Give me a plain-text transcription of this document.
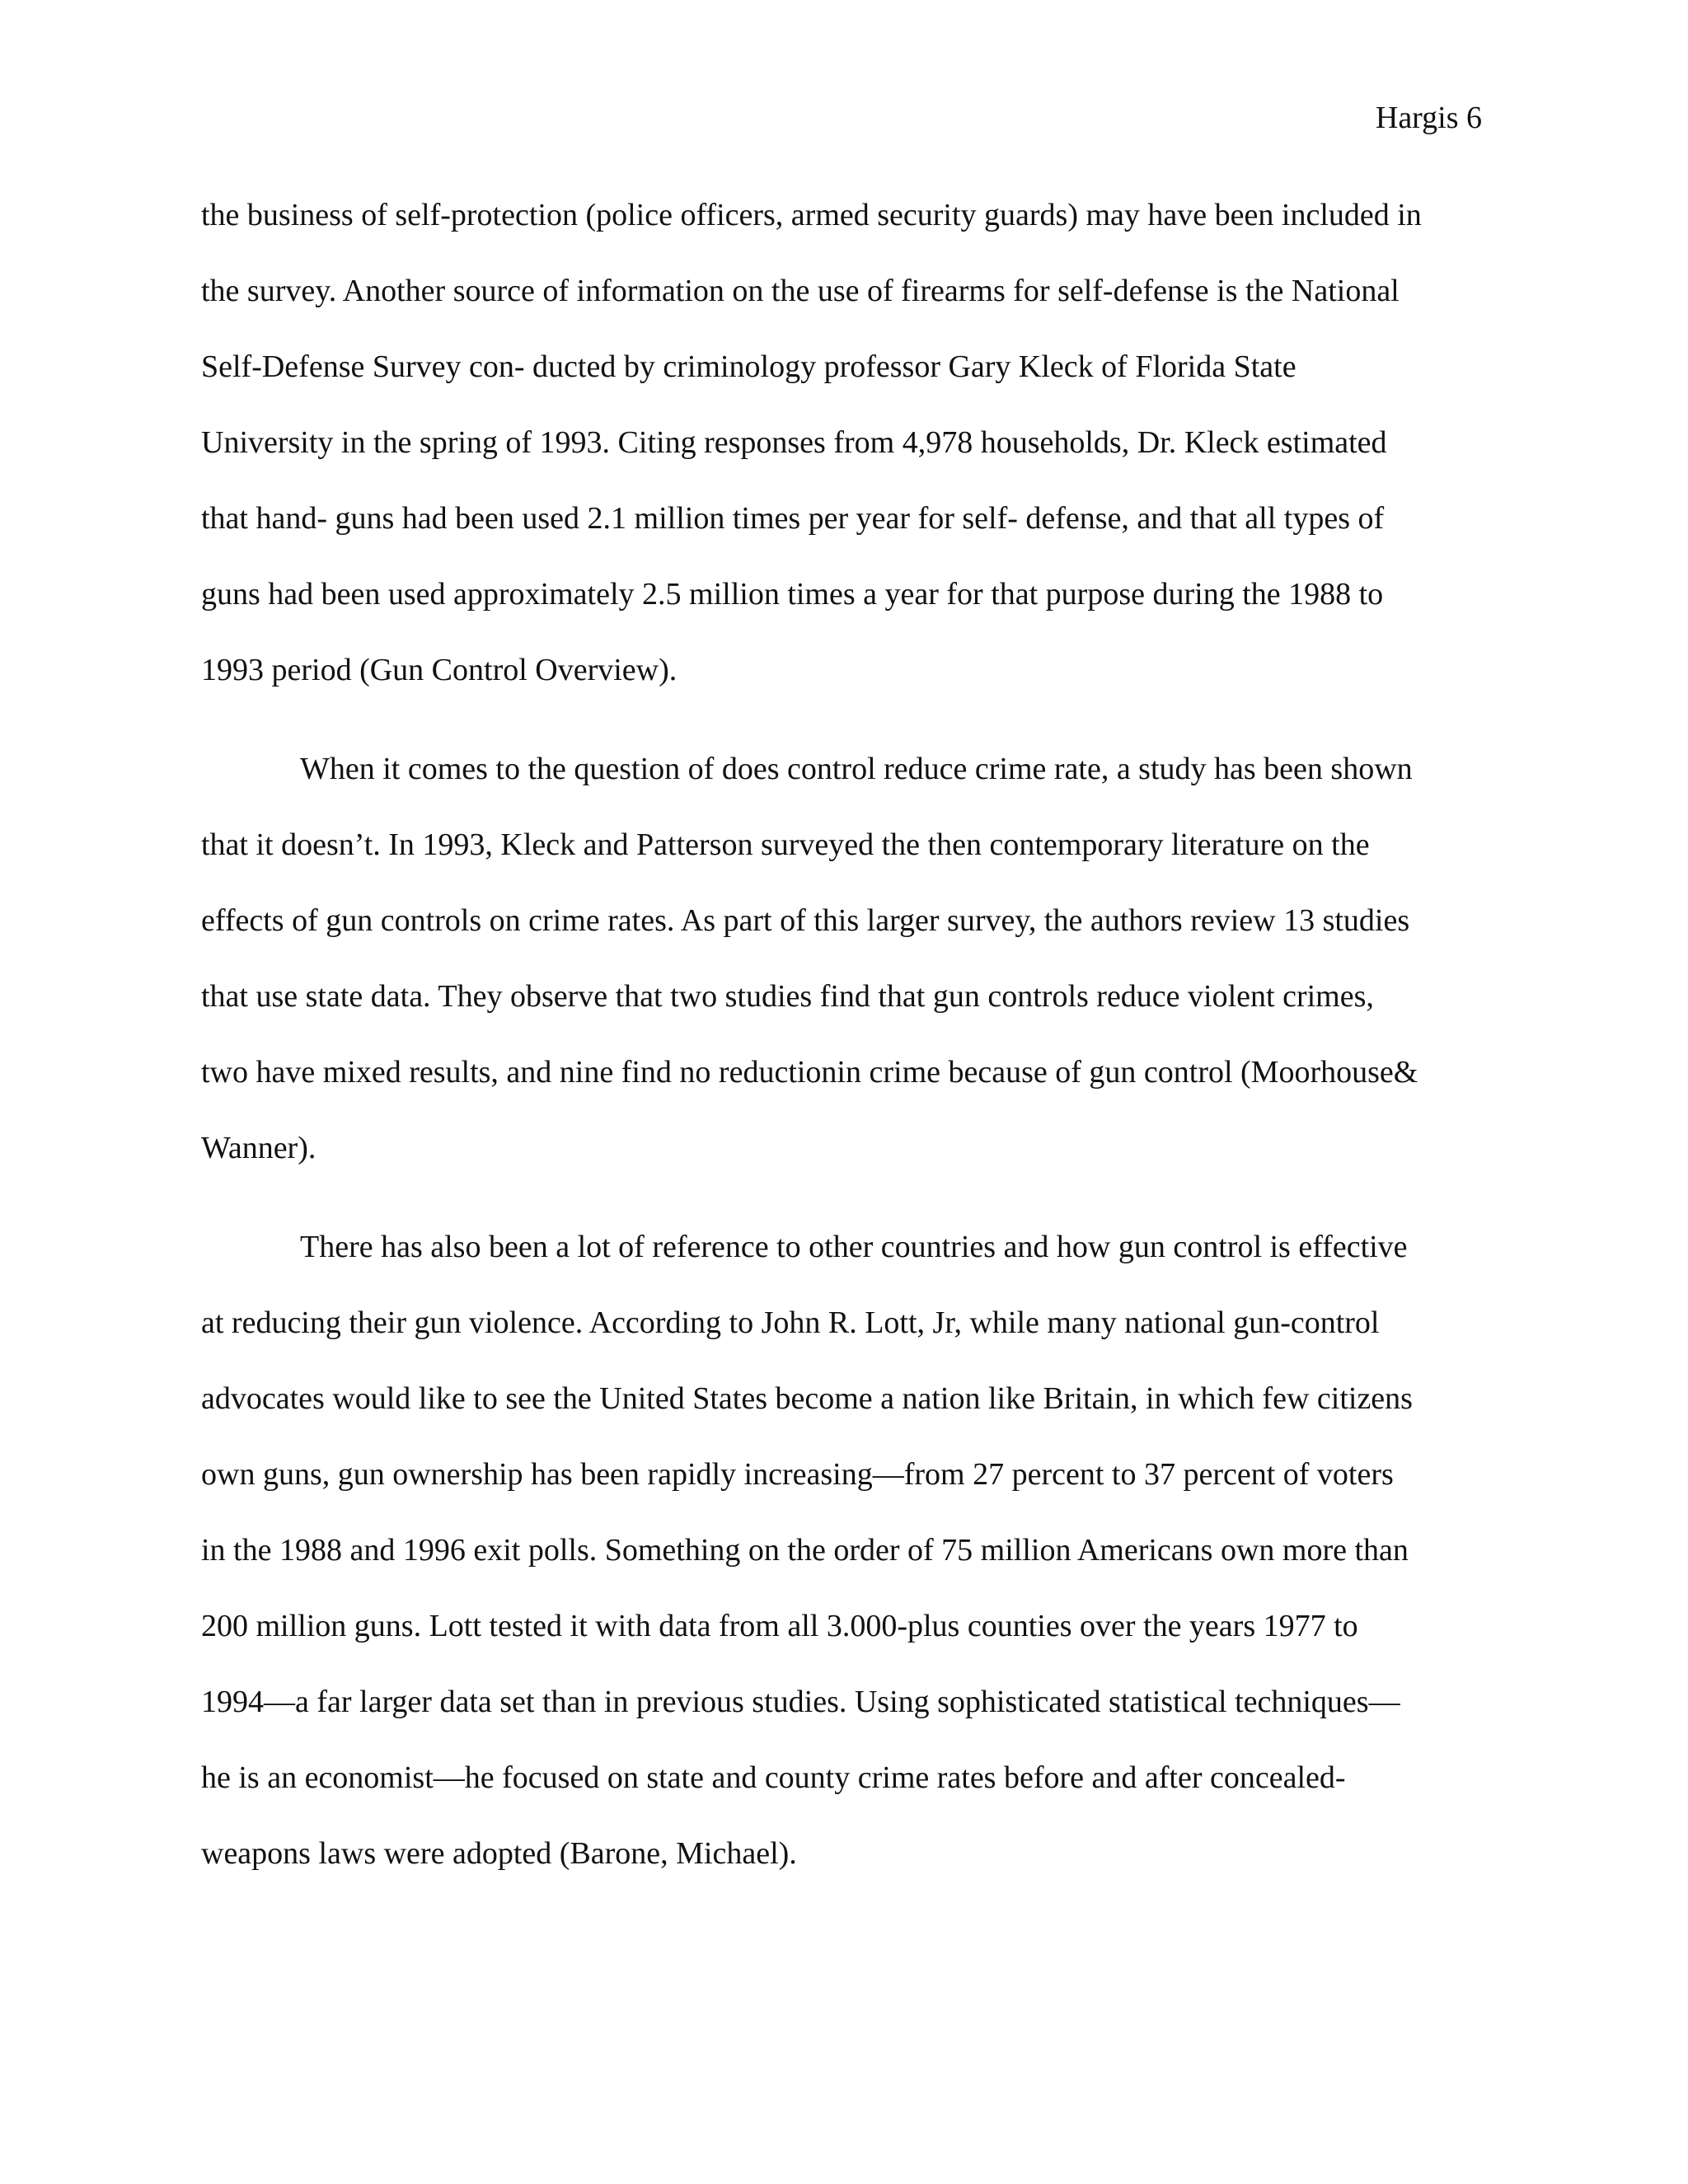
Hargis 6
the business of self-protection (police officers, armed security guards) may have been included in
the survey. Another source of information on the use of firearms for self-defense is the National
Self-Defense Survey con- ducted by criminology professor Gary Kleck of Florida State
University in the spring of 1993. Citing responses from 4,978 households, Dr. Kleck estimated
that hand- guns had been used 2.1 million times per year for self- defense, and that all types of
guns had been used approximately 2.5 million times a year for that purpose during the 1988 to
1993 period (Gun Control Overview).
When it comes to the question of does control reduce crime rate, a study has been shown
that it doesn’t. In 1993, Kleck and Patterson surveyed the then contemporary literature on the
effects of gun controls on crime rates. As part of this larger survey, the authors review 13 studies
that use state data. They observe that two studies find that gun controls reduce violent crimes,
two have mixed results, and nine find no reductionin crime because of gun control (Moorhouse&
Wanner).
There has also been a lot of reference to other countries and how gun control is effective
at reducing their gun violence. According to John R. Lott, Jr, while many national gun-control
advocates would like to see the United States become a nation like Britain, in which few citizens
own guns, gun ownership has been rapidly increasing—from 27 percent to 37 percent of voters
in the 1988 and 1996 exit polls. Something on the order of 75 million Americans own more than
200 million guns. Lott tested it with data from all 3.000-plus counties over the years 1977 to
1994—a far larger data set than in previous studies. Using sophisticated statistical techniques—
he is an economist—he focused on state and county crime rates before and after concealed-
weapons laws were adopted (Barone, Michael).
